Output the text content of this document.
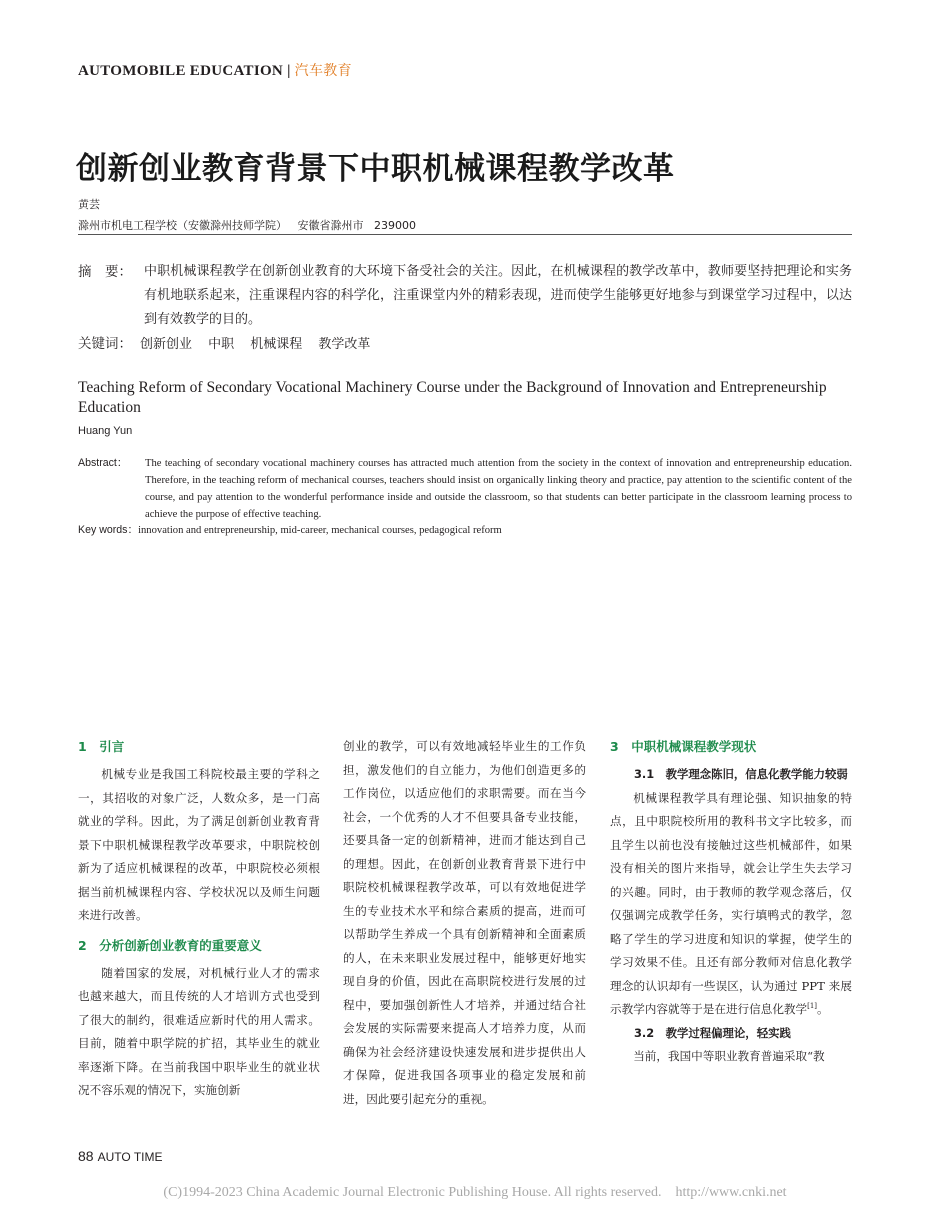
AUTOMOBILE EDUCATION | 汽车教育
创新创业教育背景下中职机械课程教学改革
黄芸
滁州市机电工程学校（安徽滁州技师学院）   安徽省滁州市   239000
摘　要： 中职机械课程教学在创新创业教育的大环境下备受社会的关注。因此，在机械课程的教学改革中，教师要坚持把理论和实务有机地联系起来，注重课程内容的科学化，注重课堂内外的精彩表现，进而使学生能够更好地参与到课堂学习过程中，以达到有效教学的目的。
关键词： 创新创业 中职 机械课程 教学改革
Teaching Reform of Secondary Vocational Machinery Course under the Background of Innovation and Entrepreneurship Education
Huang Yun
Abstract： The teaching of secondary vocational machinery courses has attracted much attention from the society in the context of innovation and entrepreneurship education. Therefore, in the teaching reform of mechanical courses, teachers should insist on organically linking theory and practice, pay attention to the scientific content of the course, and pay attention to the wonderful performance inside and outside the classroom, so that students can better participate in the classroom learning process to achieve the purpose of effective teaching.
Key words：innovation and entrepreneurship, mid-career, mechanical courses, pedagogical reform
1　引言

机械专业是我国工科院校最主要的学科之一，其招收的对象广泛，人数众多，是一门高就业的学科。因此，为了满足创新创业教育背景下中职机械课程教学改革要求，中职院校创新为了适应机械课程的改革，中职院校必须根据当前机械课程内容、学校状况以及师生问题来进行改善。

2　分析创新创业教育的重要意义

随着国家的发展，对机械行业人才的需求也越来越大，而且传统的人才培训方式也受到了很大的制约，很难适应新时代的用人需求。目前，随着中职学院的扩招，其毕业生的就业率逐渐下降。在当前我国中职毕业生的就业状况不容乐观的情况下，实施创新

创业的教学，可以有效地减轻毕业生的工作负担，激发他们的自立能力，为他们创造更多的工作岗位，以适应他们的求职需要。而在当今社会，一个优秀的人才不但要具备专业技能，还要具备一定的创新精神，进而才能达到自己的理想。因此，在创新创业教育背景下进行中职院校机械课程教学改革，可以有效地促进学生的专业技术水平和综合素质的提高，进而可以帮助学生养成一个具有创新精神和全面素质的人，在未来职业发展过程中，能够更好地实现自身的价值，因此在高职院校进行发展的过程中，要加强创新性人才培养，并通过结合社会发展的实际需要来提高人才培养力度，从而确保为社会经济建设快速发展和进步提供出人才保障，促进我国各项事业的稳定发展和前进，因此要引起充分的重视。

3　中职机械课程教学现状
3.1　教学理念陈旧，信息化教学能力较弱

机械课程教学具有理论强、知识抽象的特点，且中职院校所用的教科书文字比较多，而且学生以前也没有接触过这些机械部件，如果没有相关的图片来指导，就会让学生失去学习的兴趣。同时，由于教师的教学观念落后，仅仅强调完成教学任务，实行填鸭式的教学，忽略了学生的学习进度和知识的掌握，使学生的学习效果不佳。且还有部分教师对信息化教学理念的认识却有一些误区，认为通过 PPT 来展示教学内容就等于是在进行信息化教学[1]。

3.2　教学过程偏理论，轻实践

当前，我国中等职业教育普遍采取“教

88 AUTO TIME
(C)1994-2023 China Academic Journal Electronic Publishing House. All rights reserved.    http://www.cnki.net
